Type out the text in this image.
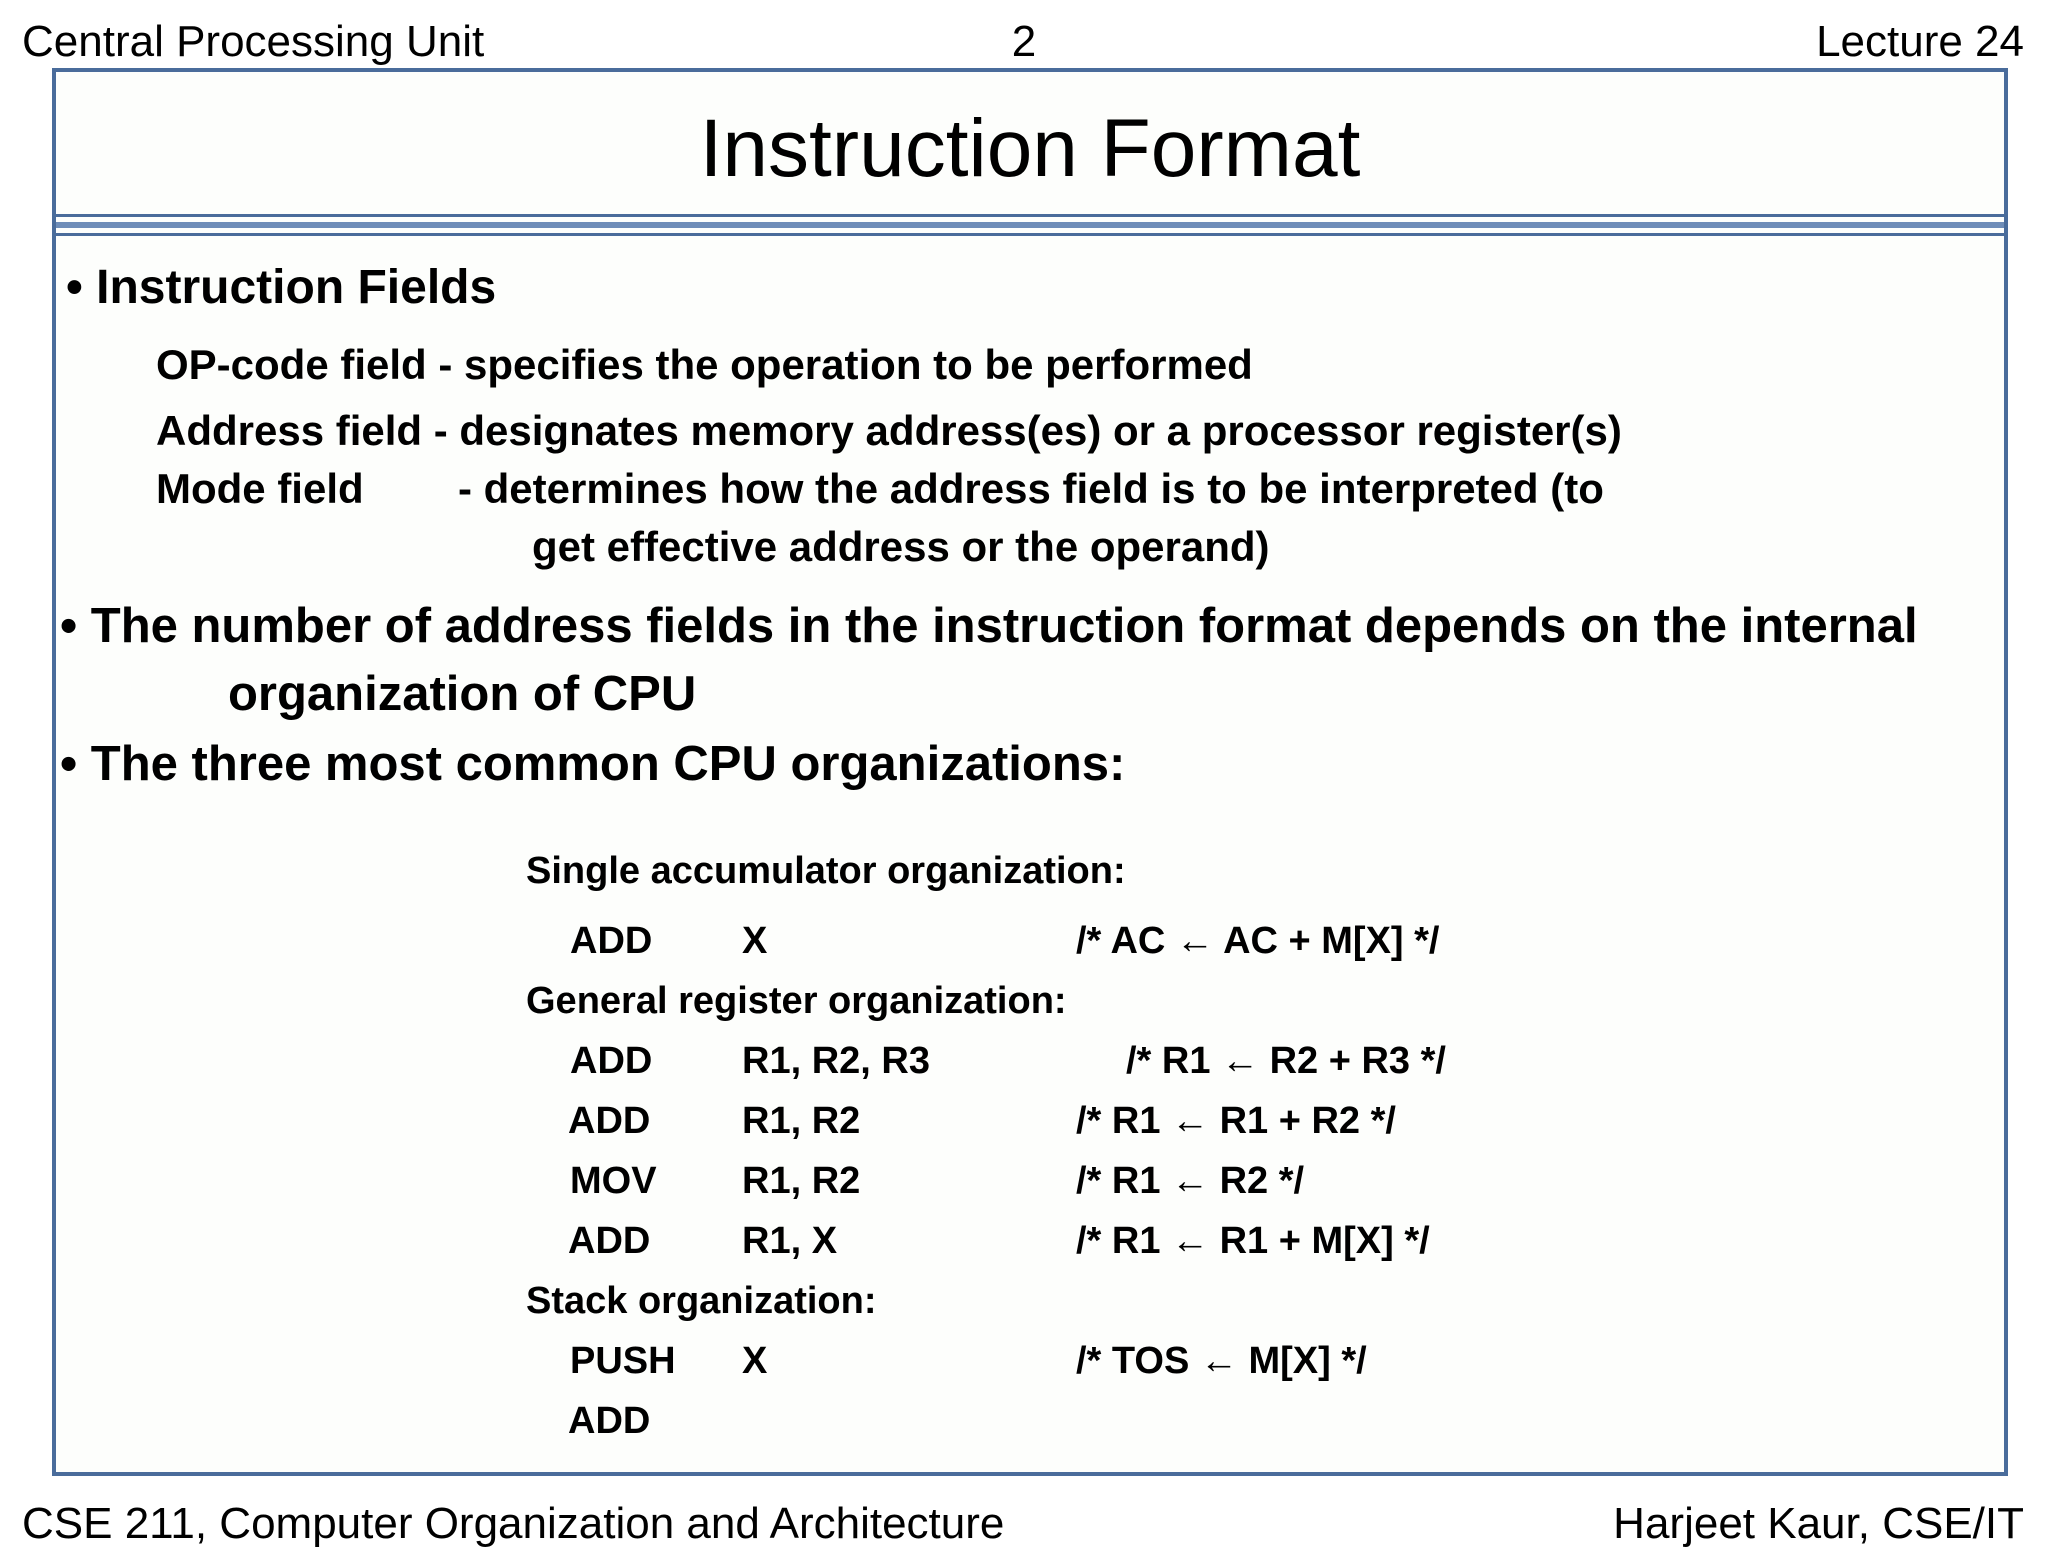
Central Processing Unit	2	Lecture 24
Instruction Format
• Instruction Fields
OP-code field - specifies the operation to be performed
Address field - designates memory address(es) or a processor register(s)
Mode field - determines how the address field is to be interpreted (to
get effective address or the operand)
• The number of address fields in the instruction format depends on the internal
organization of CPU
• The three most common CPU organizations:
Single accumulator organization:
ADD X	/* AC ← AC + M[X] */
General register organization:
ADD R1, R2, R3	/* R1 ← R2 + R3 */
ADD R1, R2	/* R1 ← R1 + R2 */
MOV R1, R2	/* R1 ← R2 */
ADD R1, X	/* R1 ← R1 + M[X] */
Stack organization:
PUSH X	/* TOS ← M[X] */
ADD
CSE 211, Computer Organization and Architecture	Harjeet Kaur, CSE/IT
